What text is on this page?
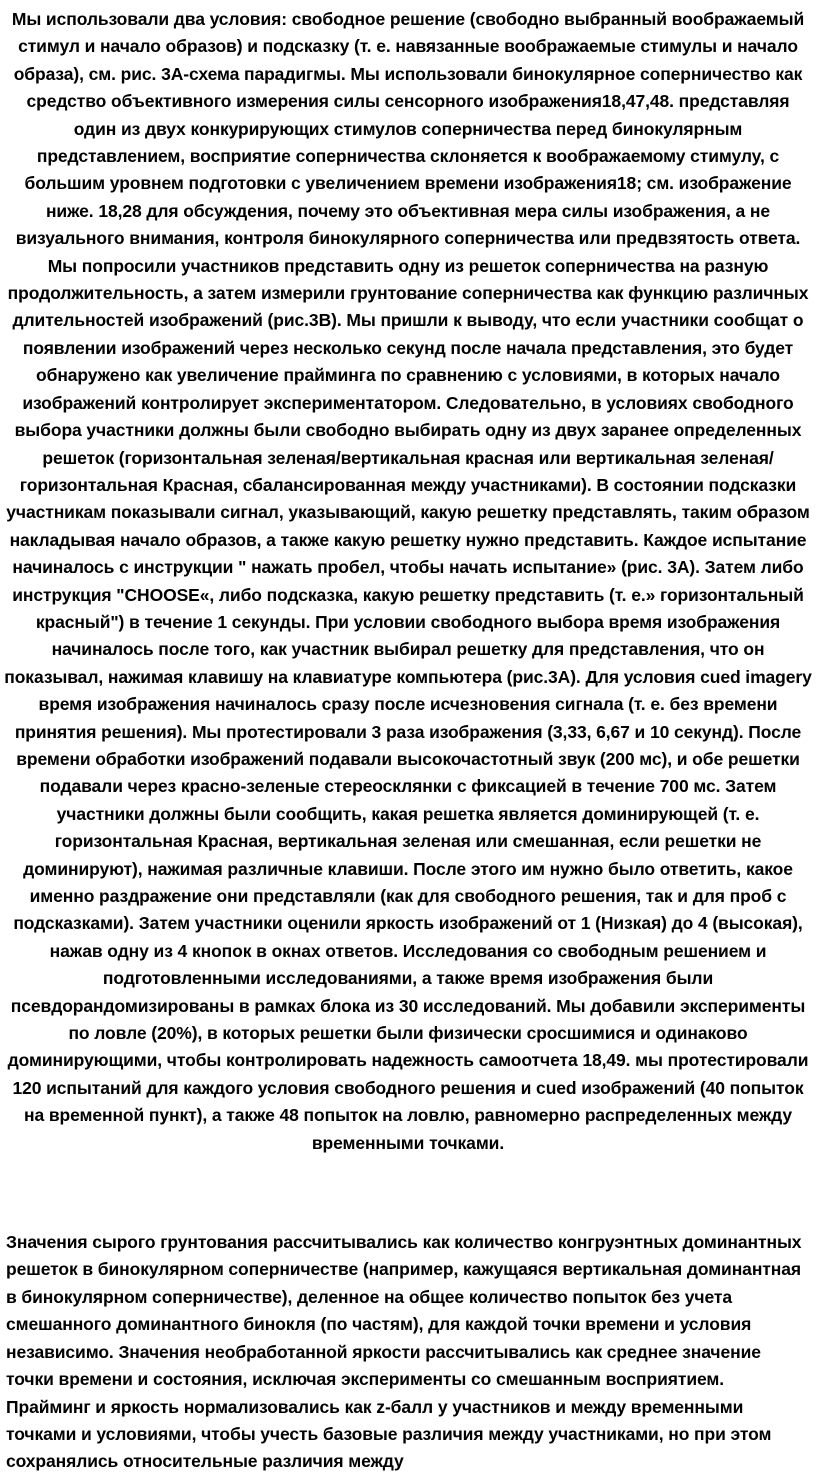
Мы использовали два условия: свободное решение (свободно выбранный воображаемый стимул и начало образов) и подсказку (т. е. навязанные воображаемые стимулы и начало образа), см. рис. 3А-схема парадигмы. Мы использовали бинокулярное соперничество как средство объективного измерения силы сенсорного изображения18,47,48. представляя один из двух конкурирующих стимулов соперничества перед бинокулярным представлением, восприятие соперничества склоняется к воображаемому стимулу, с большим уровнем подготовки с увеличением времени изображения18; см. изображение ниже. 18,28 для обсуждения, почему это объективная мера силы изображения, а не визуального внимания, контроля бинокулярного соперничества или предвзятость ответа. Мы попросили участников представить одну из решеток соперничества на разную продолжительность, а затем измерили грунтование соперничества как функцию различных длительностей изображений (рис.3B). Мы пришли к выводу, что если участники сообщат о появлении изображений через несколько секунд после начала представления, это будет обнаружено как увеличение прайминга по сравнению с условиями, в которых начало изображений контролирует экспериментатором. Следовательно, в условиях свободного выбора участники должны были свободно выбирать одну из двух заранее определенных решеток (горизонтальная зеленая/вертикальная красная или вертикальная зеленая/горизонтальная Красная, сбалансированная между участниками). В состоянии подсказки участникам показывали сигнал, указывающий, какую решетку представлять, таким образом накладывая начало образов, а также какую решетку нужно представить. Каждое испытание начиналось с инструкции " нажать пробел, чтобы начать испытание» (рис. 3А). Затем либо инструкция "CHOOSE«, либо подсказка, какую решетку представить (т. е.» горизонтальный красный") в течение 1 секунды. При условии свободного выбора время изображения начиналось после того, как участник выбирал решетку для представления, что он показывал, нажимая клавишу на клавиатуре компьютера (рис.3А). Для условия cued imagery время изображения начиналось сразу после исчезновения сигнала (т. е. без времени принятия решения). Мы протестировали 3 раза изображения (3,33, 6,67 и 10 секунд). После времени обработки изображений подавали высокочастотный звук (200 мс), и обе решетки подавали через красно-зеленые стереосклянки с фиксацией в течение 700 мс. Затем участники должны были сообщить, какая решетка является доминирующей (т. е. горизонтальная Красная, вертикальная зеленая или смешанная, если решетки не доминируют), нажимая различные клавиши. После этого им нужно было ответить, какое именно раздражение они представляли (как для свободного решения, так и для проб с подсказками). Затем участники оценили яркость изображений от 1 (Низкая) до 4 (высокая), нажав одну из 4 кнопок в окнах ответов. Исследования со свободным решением и подготовленными исследованиями, а также время изображения были псевдорандомизированы в рамках блока из 30 исследований. Мы добавили эксперименты по ловле (20%), в которых решетки были физически сросшимися и одинаково доминирующими, чтобы контролировать надежность самоотчета 18,49. мы протестировали 120 испытаний для каждого условия свободного решения и cued изображений (40 попыток на временной пункт), а также 48 попыток на ловлю, равномерно распределенных между временными точками.

Значения сырого грунтования рассчитывались как количество конгруэнтных доминантных решеток в бинокулярном соперничестве (например, кажущаяся вертикальная доминантная в бинокулярном соперничестве), деленное на общее количество попыток без учета смешанного доминантного бинокля (по частям), для каждой точки времени и условия независимо. Значения необработанной яркости рассчитывались как среднее значение точки времени и состояния, исключая эксперименты со смешанным восприятием. Прайминг и яркость нормализовались как z-балл у участников и между временными точками и условиями, чтобы учесть базовые различия между участниками, но при этом сохранялись относительные различия между
